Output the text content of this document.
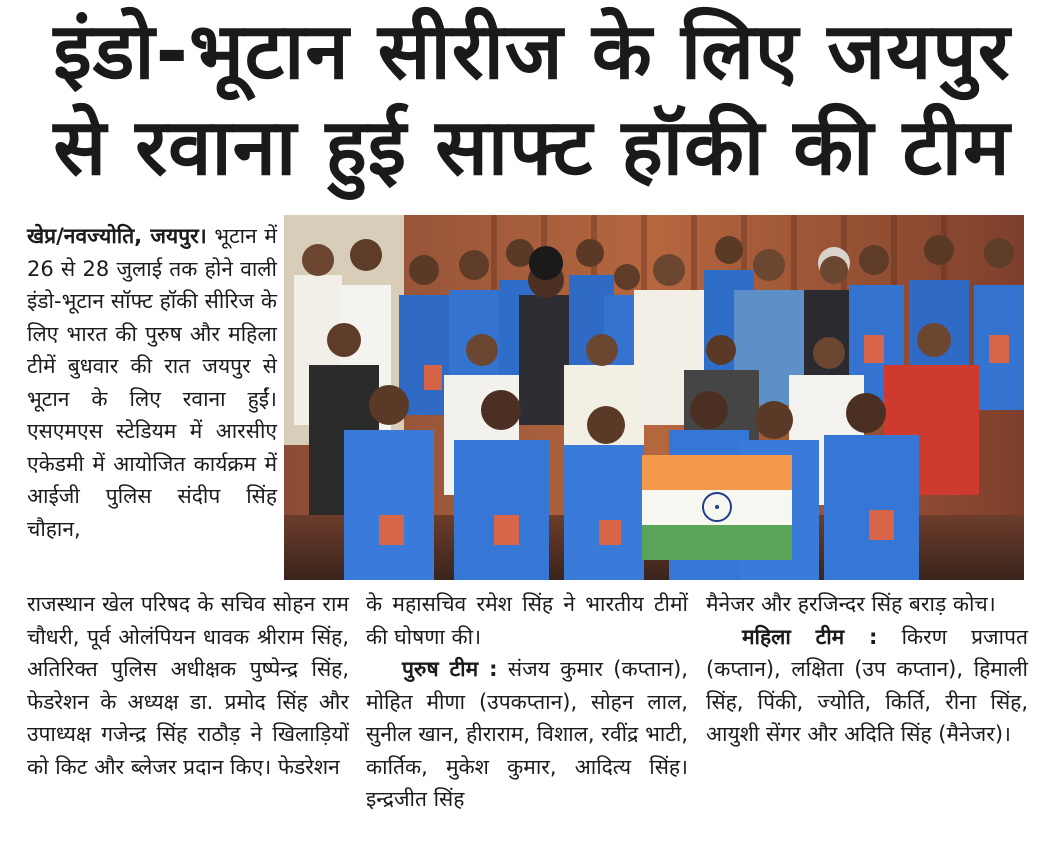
इंडो-भूटान सीरीज के लिए जयपुर
से रवाना हुई साफ्ट हॉकी की टीम

खेप्र/नवज्योति, जयपुर। भूटान में 26 से 28 जुलाई तक होने वाली इंडो-भूटान सॉफ्ट हॉकी सीरिज के लिए भारत की पुरुष और महिला टीमें बुधवार की रात जयपुर से भूटान के लिए रवाना हुईं। एसएमएस स्टेडियम में आरसीए एकेडमी में आयोजित कार्यक्रम में आईजी पुलिस संदीप सिंह चौहान,

राजस्थान खेल परिषद के सचिव सोहन राम चौधरी, पूर्व ओलंपियन धावक श्रीराम सिंह, अतिरिक्त पुलिस अधीक्षक पुष्पेन्द्र सिंह, फेडरेशन के अध्यक्ष डा. प्रमोद सिंह और उपाध्यक्ष गजेन्द्र सिंह राठौड़ ने खिलाड़ियों को किट और ब्लेजर प्रदान किए। फेडरेशन

के महासचिव रमेश सिंह ने भारतीय टीमों की घोषणा की।

पुरुष टीम : संजय कुमार (कप्तान), मोहित मीणा (उपकप्तान), सोहन लाल, सुनील खान, हीराराम, विशाल, रवींद्र भाटी, कार्तिक, मुकेश कुमार, आदित्य सिंह। इन्द्रजीत सिंह

मैनेजर और हरजिन्दर सिंह बराड़ कोच।

महिला टीम : किरण प्रजापत (कप्तान), लक्षिता (उप कप्तान), हिमाली सिंह, पिंकी, ज्योति, किर्ति, रीना सिंह, आयुशी सेंगर और अदिति सिंह (मैनेजर)।
